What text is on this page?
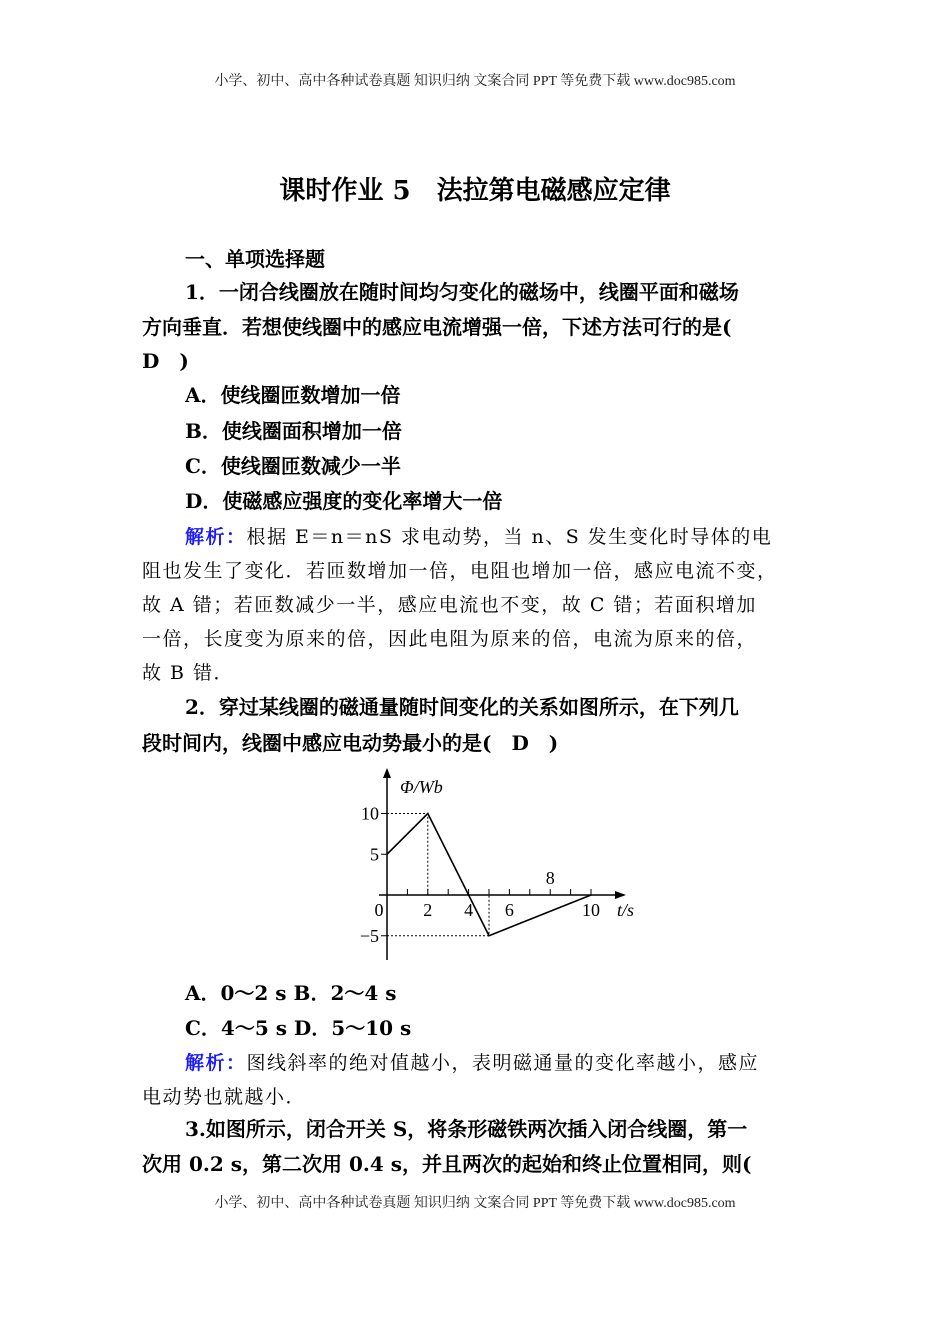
小学、初中、高中各种试卷真题 知识归纳 文案合同 PPT 等免费下载 www.doc985.com
课时作业 5　法拉第电磁感应定律
一、单项选择题
1．一闭合线圈放在随时间均匀变化的磁场中，线圈平面和磁场
方向垂直．若想使线圈中的感应电流增强一倍，下述方法可行的是(
D　)
A．使线圈匝数增加一倍
B．使线圈面积增加一倍
C．使线圈匝数减少一半
D．使磁感应强度的变化率增大一倍
解析：根据 E＝n＝nS 求电动势，当 n、S 发生变化时导体的电
阻也发生了变化．若匝数增加一倍，电阻也增加一倍，感应电流不变，
故 A 错；若匝数减少一半，感应电流也不变，故 C 错；若面积增加
一倍，长度变为原来的倍，因此电阻为原来的倍，电流为原来的倍，
故 B 错．
2．穿过某线圈的磁通量随时间变化的关系如图所示，在下列几
段时间内，线圈中感应电动势最小的是(　D　)
0 2 4 6
8
10
10
5
−5
Φ/Wb
t/s
A．0～2 s B．2～4 s
C．4～5 s D．5～10 s
解析：图线斜率的绝对值越小，表明磁通量的变化率越小，感应
电动势也就越小．
3.如图所示，闭合开关 S，将条形磁铁两次插入闭合线圈，第一
次用 0.2 s，第二次用 0.4 s，并且两次的起始和终止位置相同，则(
小学、初中、高中各种试卷真题 知识归纳 文案合同 PPT 等免费下载 www.doc985.com
